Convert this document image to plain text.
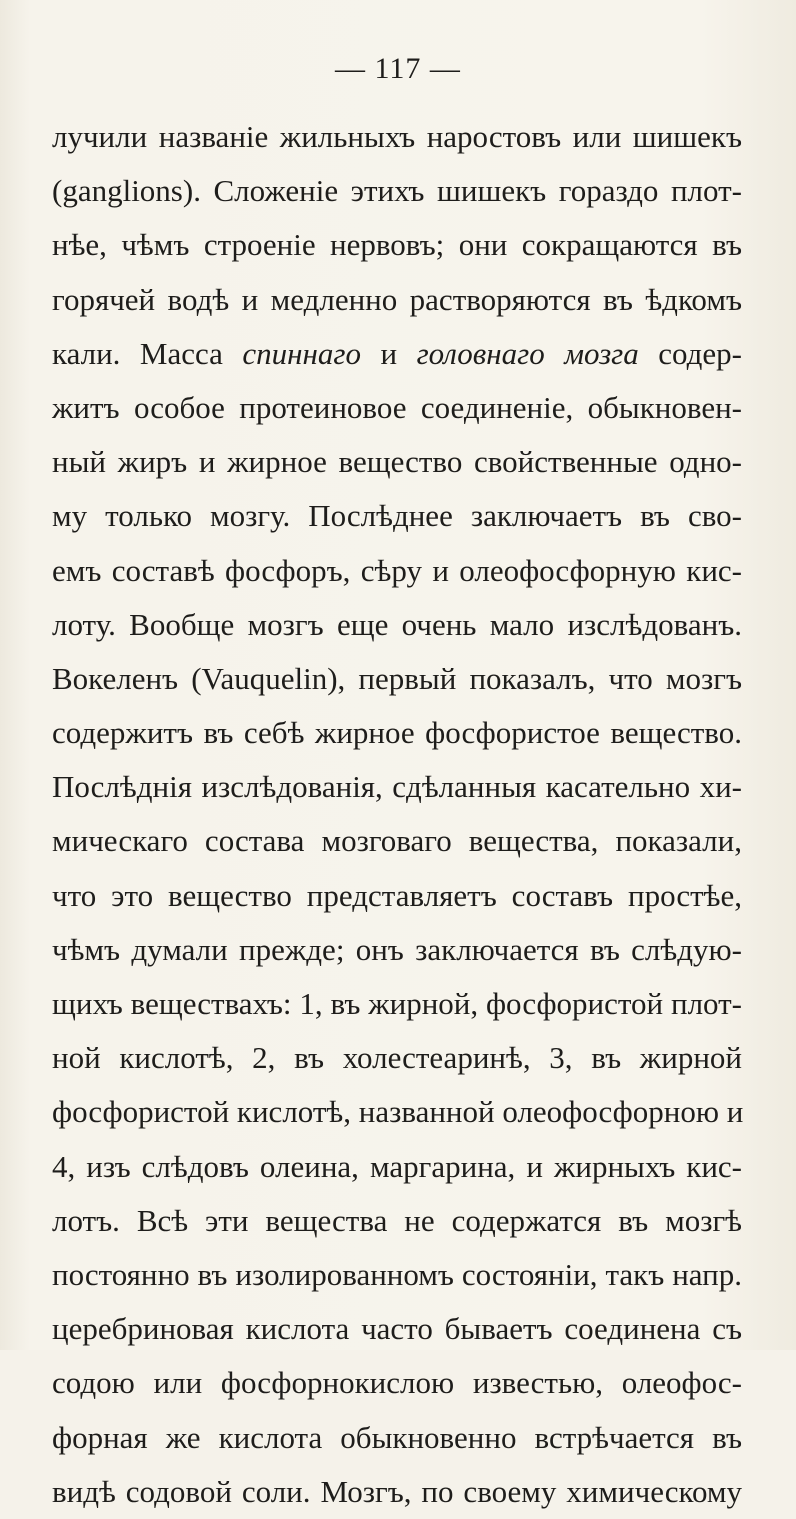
— 117 —
лучили названіе жильныхъ наростовъ или шишекъ
(ganglions). Сложеніе этихъ шишекъ гораздо плот-
нѣе, чѣмъ строеніе нервовъ; они сокращаются въ
горячей водѣ и медленно растворяются въ ѣдкомъ
кали. Масса спиннаго и головнаго мозга содер-
житъ особое протеиновое соединеніе, обыкновен-
ный жиръ и жирное вещество свойственные одно-
му только мозгу. Послѣднее заключаетъ въ сво-
емъ составѣ фосфоръ, сѣру и олеофосфорную кис-
лоту. Вообще мозгъ еще очень мало изслѣдованъ.
Вокеленъ (Vauquelin), первый показалъ, что мозгъ
содержитъ въ себѣ жирное фосфористое вещество.
Послѣднія изслѣдованія, сдѣланныя касательно хи-
мическаго состава мозговаго вещества, показали,
что это вещество представляетъ составъ простѣе,
чѣмъ думали прежде; онъ заключается въ слѣдую-
щихъ веществахъ: 1, въ жирной, фосфористой плот-
ной кислотѣ, 2, въ холестеаринѣ, 3, въ жирной
фосфористой кислотѣ, названной олеофосфорною и
4, изъ слѣдовъ олеина, маргарина, и жирныхъ кис-
лотъ. Всѣ эти вещества не содержатся въ мозгѣ
постоянно въ изолированномъ состояніи, такъ напр.
церебриновая кислота часто бываетъ соединена съ
содою или фосфорнокислою известью, олеофос-
форная же кислота обыкновенно встрѣчается въ
видѣ содовой соли. Мозгъ, по своему химическому
